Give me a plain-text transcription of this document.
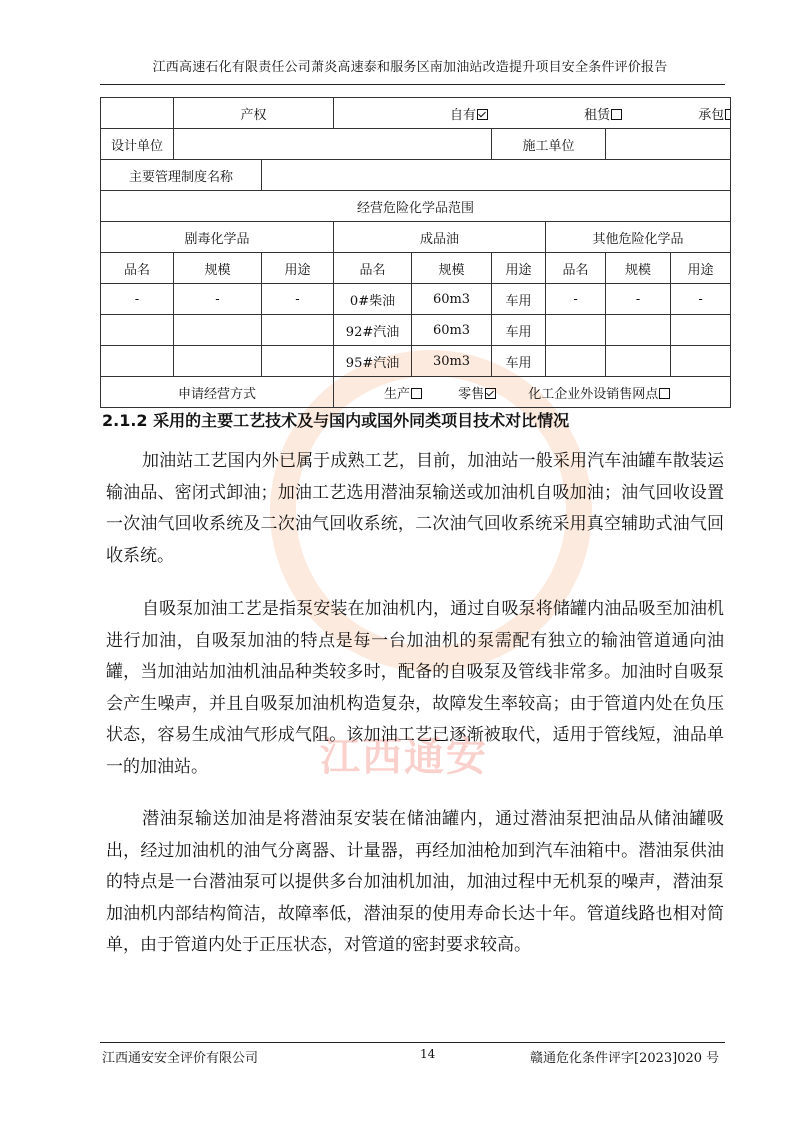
江西高速石化有限责任公司萧炎高速泰和服务区南加油站改造提升项目安全条件评价报告
江西通安
	产权		自有 租赁 承包					
设计单位					施工单位			
主要管理制度名称								
经营危险化学品范围								
剧毒化学品			成品油			其他危险化学品		
品名	规模	用途	品名	规模	用途	品名	规模	用途
-	-	-	0#柴油	60m3	车用	-	-	-
			92#汽油	60m3	车用			
			95#汽油	30m3	车用			
申请经营方式			生产 零售 化工企业外设销售网点					
2.1.2 采用的主要工艺技术及与国内或国外同类项目技术对比情况

加油站工艺国内外已属于成熟工艺，目前，加油站一般采用汽车油罐车散装运输油品、密闭式卸油；加油工艺选用潜油泵输送或加油机自吸加油；油气回收设置一次油气回收系统及二次油气回收系统，二次油气回收系统采用真空辅助式油气回收系统。

自吸泵加油工艺是指泵安装在加油机内，通过自吸泵将储罐内油品吸至加油机进行加油，自吸泵加油的特点是每一台加油机的泵需配有独立的输油管道通向油罐，当加油站加油机油品种类较多时，配备的自吸泵及管线非常多。加油时自吸泵会产生噪声，并且自吸泵加油机构造复杂，故障发生率较高；由于管道内处在负压状态，容易生成油气形成气阻。该加油工艺已逐渐被取代，适用于管线短，油品单一的加油站。

潜油泵输送加油是将潜油泵安装在储油罐内，通过潜油泵把油品从储油罐吸出，经过加油机的油气分离器、计量器，再经加油枪加到汽车油箱中。潜油泵供油的特点是一台潜油泵可以提供多台加油机加油，加油过程中无机泵的噪声，潜油泵加油机内部结构简洁，故障率低，潜油泵的使用寿命长达十年。管道线路也相对简单，由于管道内处于正压状态，对管道的密封要求较高。

江西通安安全评价有限公司	14	赣通危化条件评字[2023]020 号
